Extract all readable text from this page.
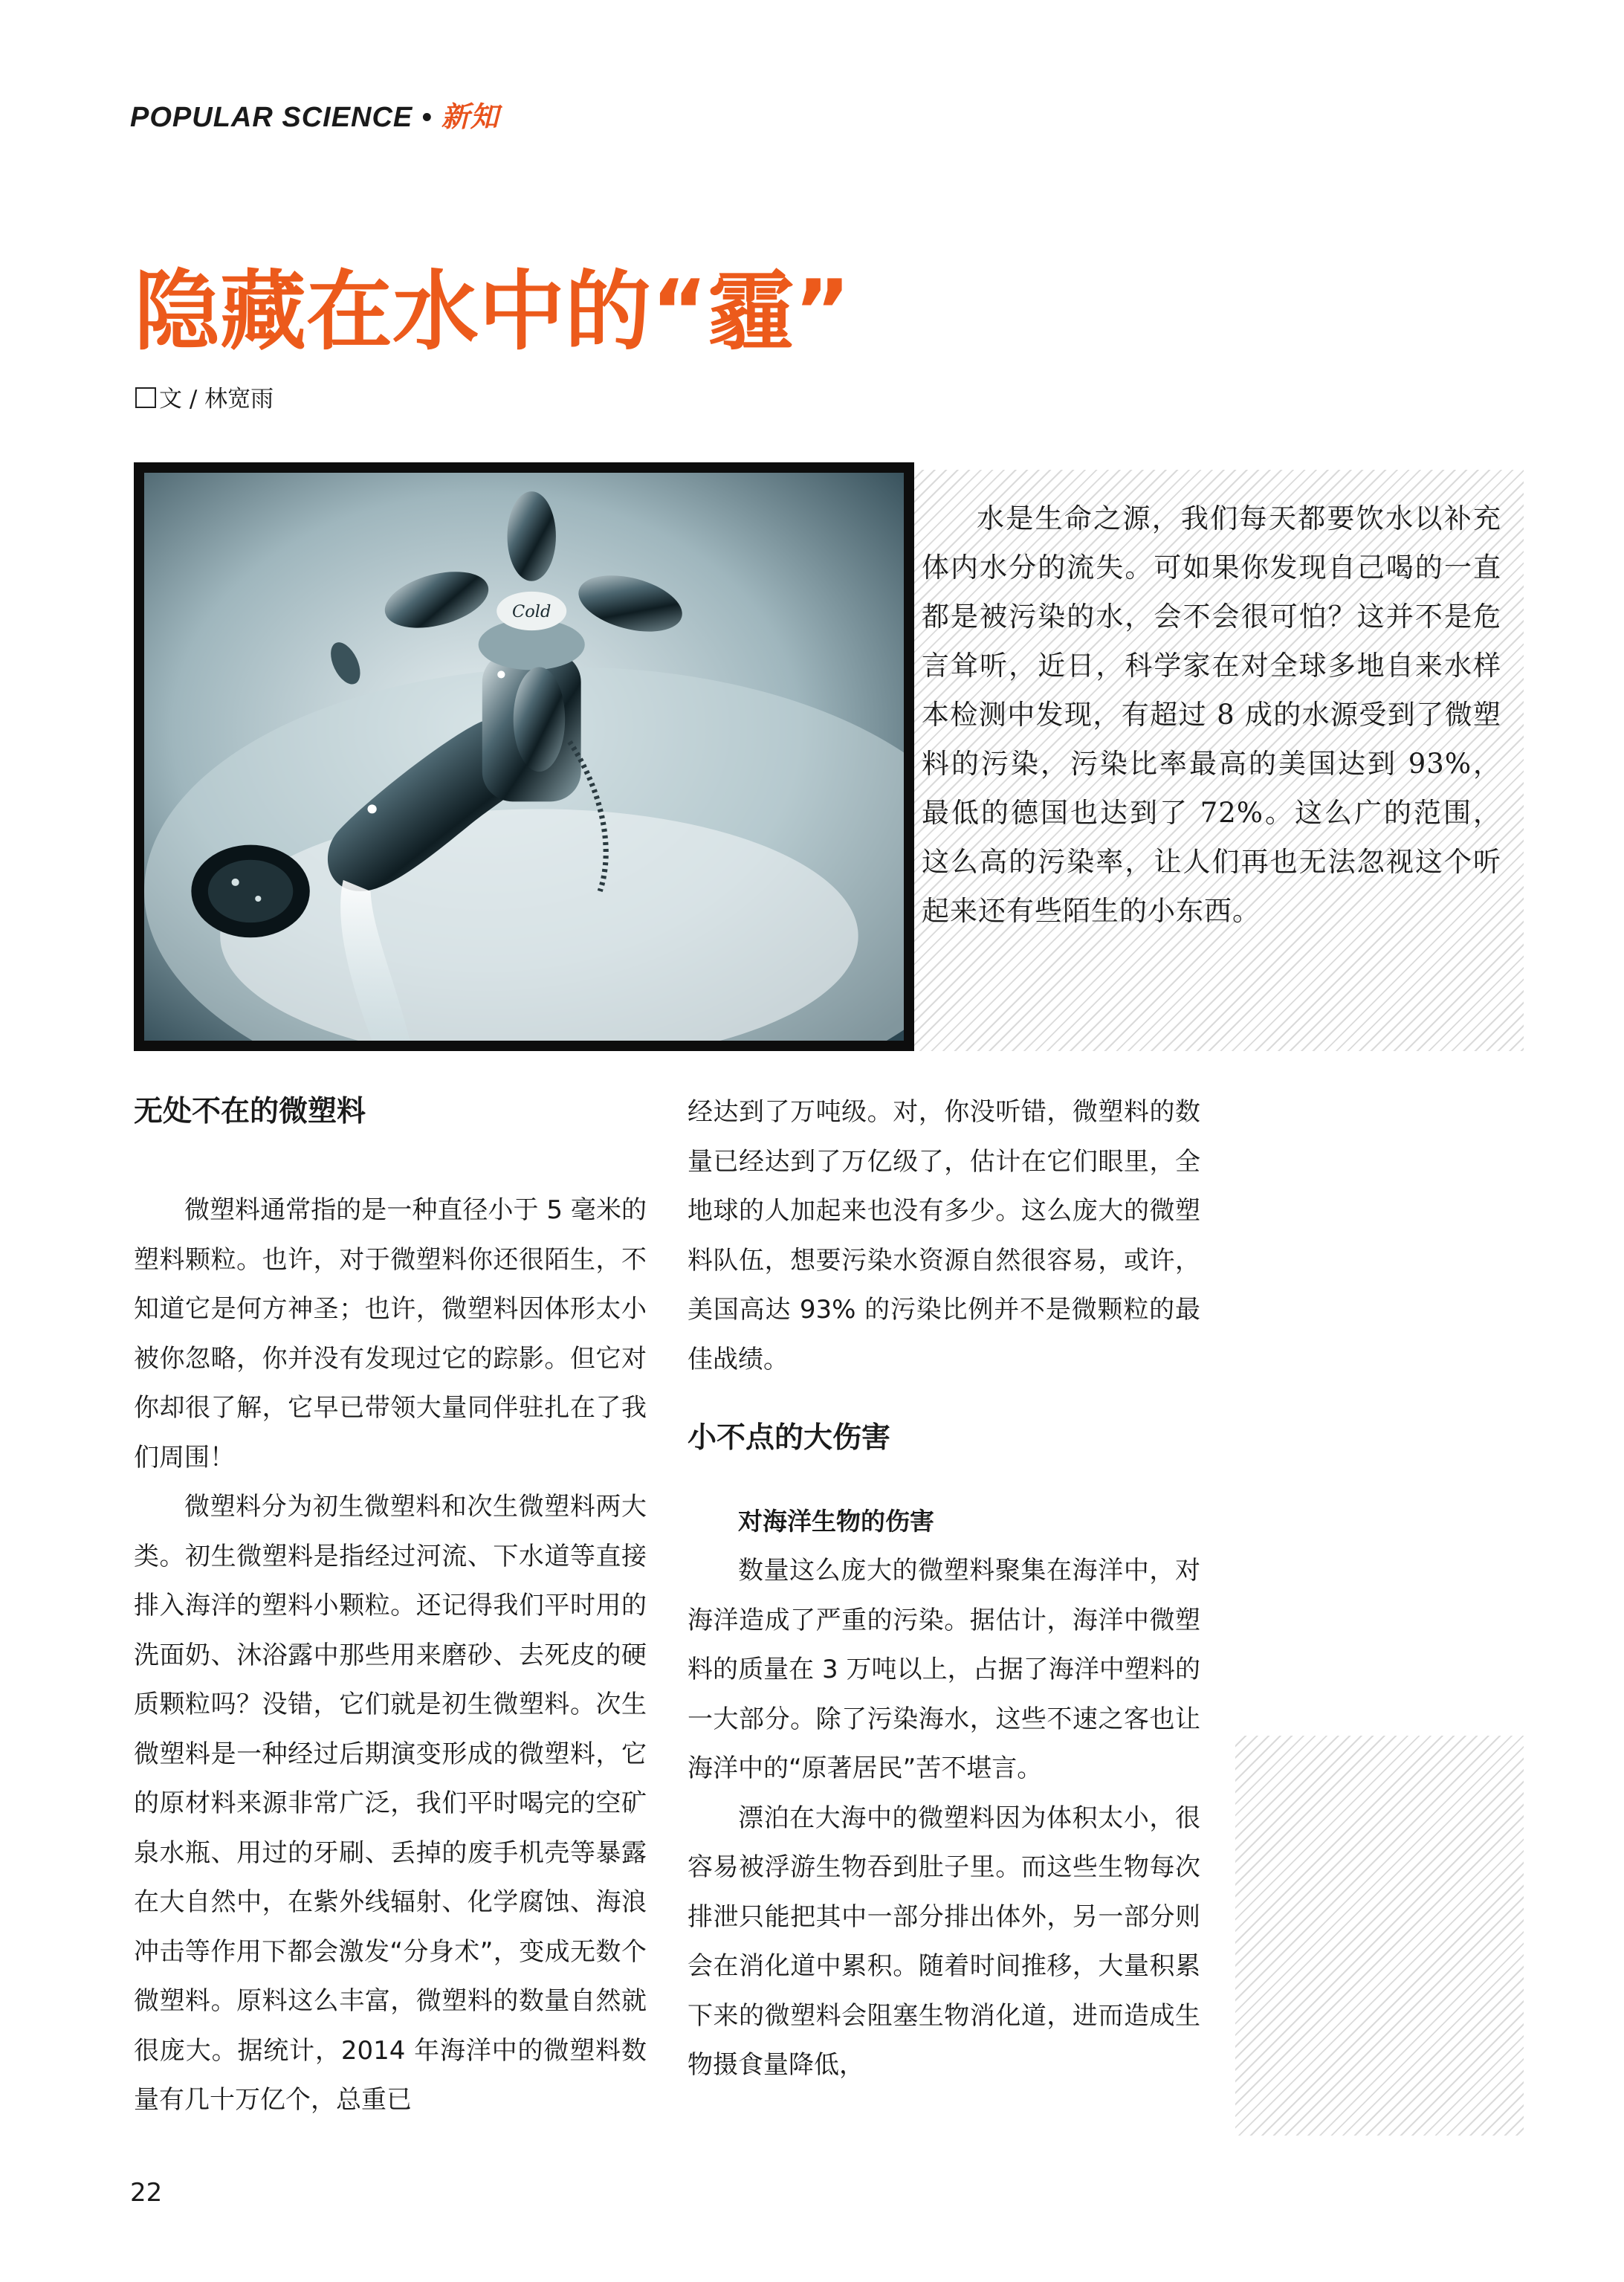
POPULAR SCIENCE • 新知
隐藏在水中的“霾”
文 / 林宽雨
Cold

水是生命之源，我们每天都要饮水以补充体内水分的流失。可如果你发现自己喝的一直都是被污染的水，会不会很可怕？这并不是危言耸听，近日，科学家在对全球多地自来水样本检测中发现，有超过 8 成的水源受到了微塑料的污染，污染比率最高的美国达到 93%，最低的德国也达到了 72%。这么广的范围，这么高的污染率，让人们再也无法忽视这个听起来还有些陌生的小东西。

无处不在的微塑料

微塑料通常指的是一种直径小于 5 毫米的塑料颗粒。也许，对于微塑料你还很陌生，不知道它是何方神圣；也许，微塑料因体形太小被你忽略，你并没有发现过它的踪影。但它对你却很了解，它早已带领大量同伴驻扎在了我们周围！

微塑料分为初生微塑料和次生微塑料两大类。初生微塑料是指经过河流、下水道等直接排入海洋的塑料小颗粒。还记得我们平时用的洗面奶、沐浴露中那些用来磨砂、去死皮的硬质颗粒吗？没错，它们就是初生微塑料。次生微塑料是一种经过后期演变形成的微塑料，它的原材料来源非常广泛，我们平时喝完的空矿泉水瓶、用过的牙刷、丢掉的废手机壳等暴露在大自然中，在紫外线辐射、化学腐蚀、海浪冲击等作用下都会激发“分身术”，变成无数个微塑料。原料这么丰富，微塑料的数量自然就很庞大。据统计，2014 年海洋中的微塑料数量有几十万亿个，总重已

经达到了万吨级。对，你没听错，微塑料的数量已经达到了万亿级了，估计在它们眼里，全地球的人加起来也没有多少。这么庞大的微塑料队伍，想要污染水资源自然很容易，或许，美国高达 93% 的污染比例并不是微颗粒的最佳战绩。

小不点的大伤害
对海洋生物的伤害

数量这么庞大的微塑料聚集在海洋中，对海洋造成了严重的污染。据估计，海洋中微塑料的质量在 3 万吨以上，占据了海洋中塑料的一大部分。除了污染海水，这些不速之客也让海洋中的“原著居民”苦不堪言。

漂泊在大海中的微塑料因为体积太小，很容易被浮游生物吞到肚子里。而这些生物每次排泄只能把其中一部分排出体外，另一部分则会在消化道中累积。随着时间推移，大量积累下来的微塑料会阻塞生物消化道，进而造成生物摄食量降低，

22
